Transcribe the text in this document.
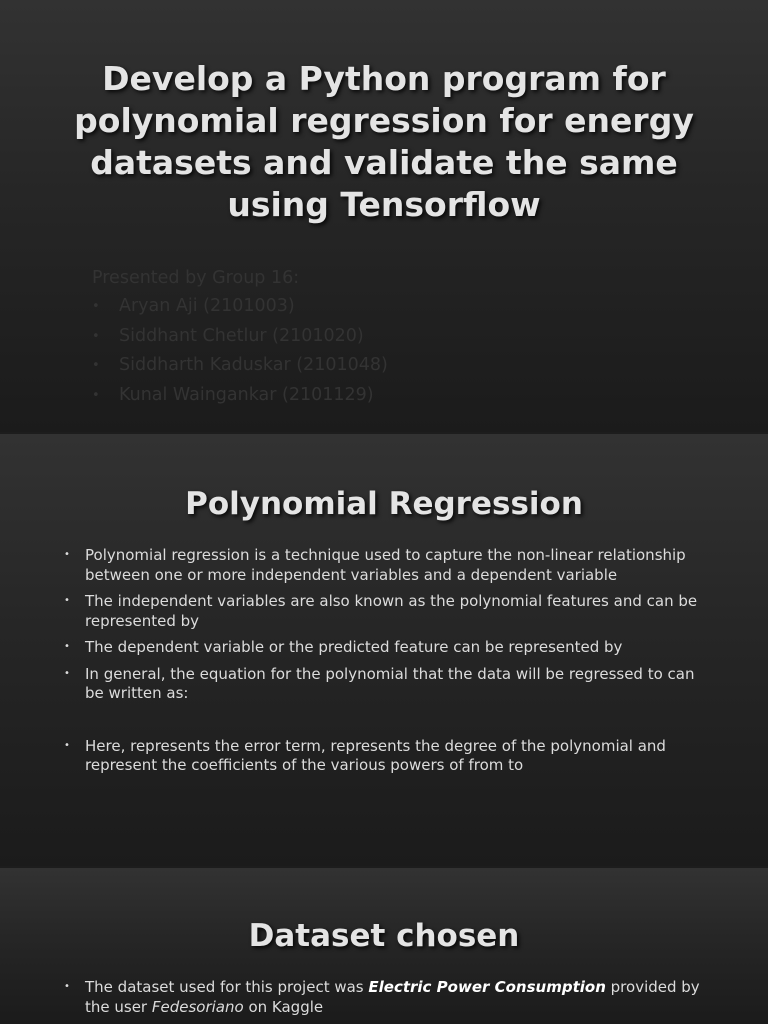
Develop a Python program for polynomial regression for energy datasets and validate the same using Tensorflow
Presented by Group 16:
• Aryan Aji (2101003)
• Siddhant Chetlur (2101020)
• Siddharth Kaduskar (2101048)
• Kunal Waingankar (2101129)
Polynomial Regression
• Polynomial regression is a technique used to capture the non-linear relationship between one or more independent variables and a dependent variable
• The independent variables are also known as the polynomial features and can be represented by
• The dependent variable or the predicted feature can be represented by
• In general, the equation for the polynomial that the data will be regressed to can be written as:
• Here, represents the error term, represents the degree of the polynomial and represent the coefficients of the various powers of from to
Dataset chosen
• The dataset used for this project was Electric Power Consumption provided by the user Fedesoriano on Kaggle
